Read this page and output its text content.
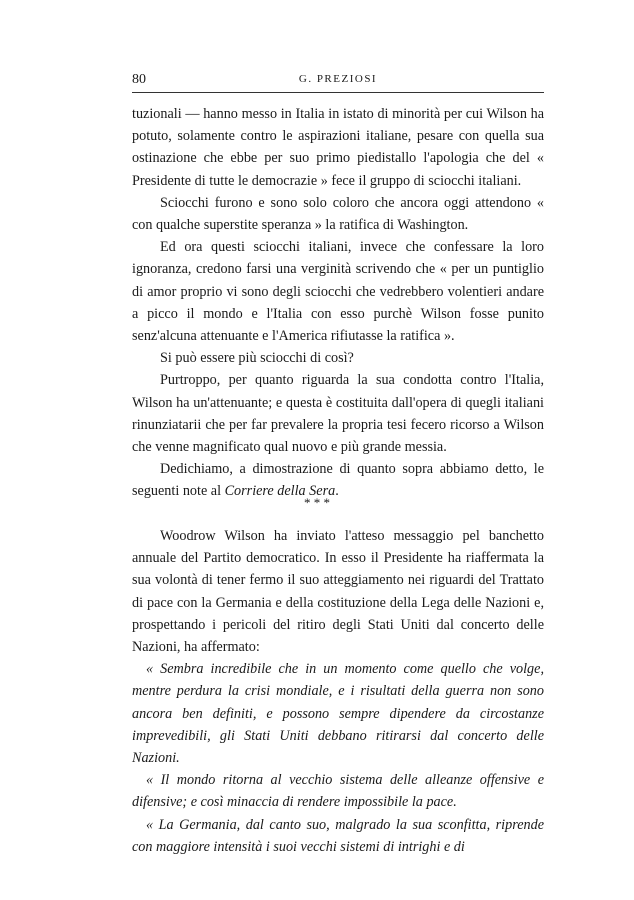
80	G. PREZIOSI

tuzionali — hanno messo in Italia in istato di minorità per cui Wilson ha potuto, solamente contro le aspirazioni italiane, pesare con quella sua ostinazione che ebbe per suo primo piedistallo l'apologia che del « Presidente di tutte le democrazie » fece il gruppo di sciocchi italiani.

Sciocchi furono e sono solo coloro che ancora oggi attendono « con qualche superstite speranza » la ratifica di Washington.

Ed ora questi sciocchi italiani, invece che confessare la loro ignoranza, credono farsi una verginità scrivendo che « per un puntiglio di amor proprio vi sono degli sciocchi che vedrebbero volentieri andare a picco il mondo e l'Italia con esso purchè Wilson fosse punito senz'alcuna attenuante e l'America rifiutasse la ratifica ».

Si può essere più sciocchi di così?

Purtroppo, per quanto riguarda la sua condotta contro l'Italia, Wilson ha un'attenuante; e questa è costituita dall'opera di quegli italiani rinunziatarii che per far prevalere la propria tesi fecero ricorso a Wilson che venne magnificato qual nuovo e più grande messia.

Dedichiamo, a dimostrazione di quanto sopra abbiamo detto, le seguenti note al Corriere della Sera.

* * *

Woodrow Wilson ha inviato l'atteso messaggio pel banchetto annuale del Partito democratico. In esso il Presidente ha riaffermata la sua volontà di tener fermo il suo atteggiamento nei riguardi del Trattato di pace con la Germania e della costituzione della Lega delle Nazioni e, prospettando i pericoli del ritiro degli Stati Uniti dal concerto delle Nazioni, ha affermato:

« Sembra incredibile che in un momento come quello che volge, mentre perdura la crisi mondiale, e i risultati della guerra non sono ancora ben definiti, e possono sempre dipendere da circostanze imprevedibili, gli Stati Uniti debbano ritirarsi dal concerto delle Nazioni.

« Il mondo ritorna al vecchio sistema delle alleanze offensive e difensive; e così minaccia di rendere impossibile la pace.

« La Germania, dal canto suo, malgrado la sua sconfitta, riprende con maggiore intensità i suoi vecchi sistemi di intrighi e di
